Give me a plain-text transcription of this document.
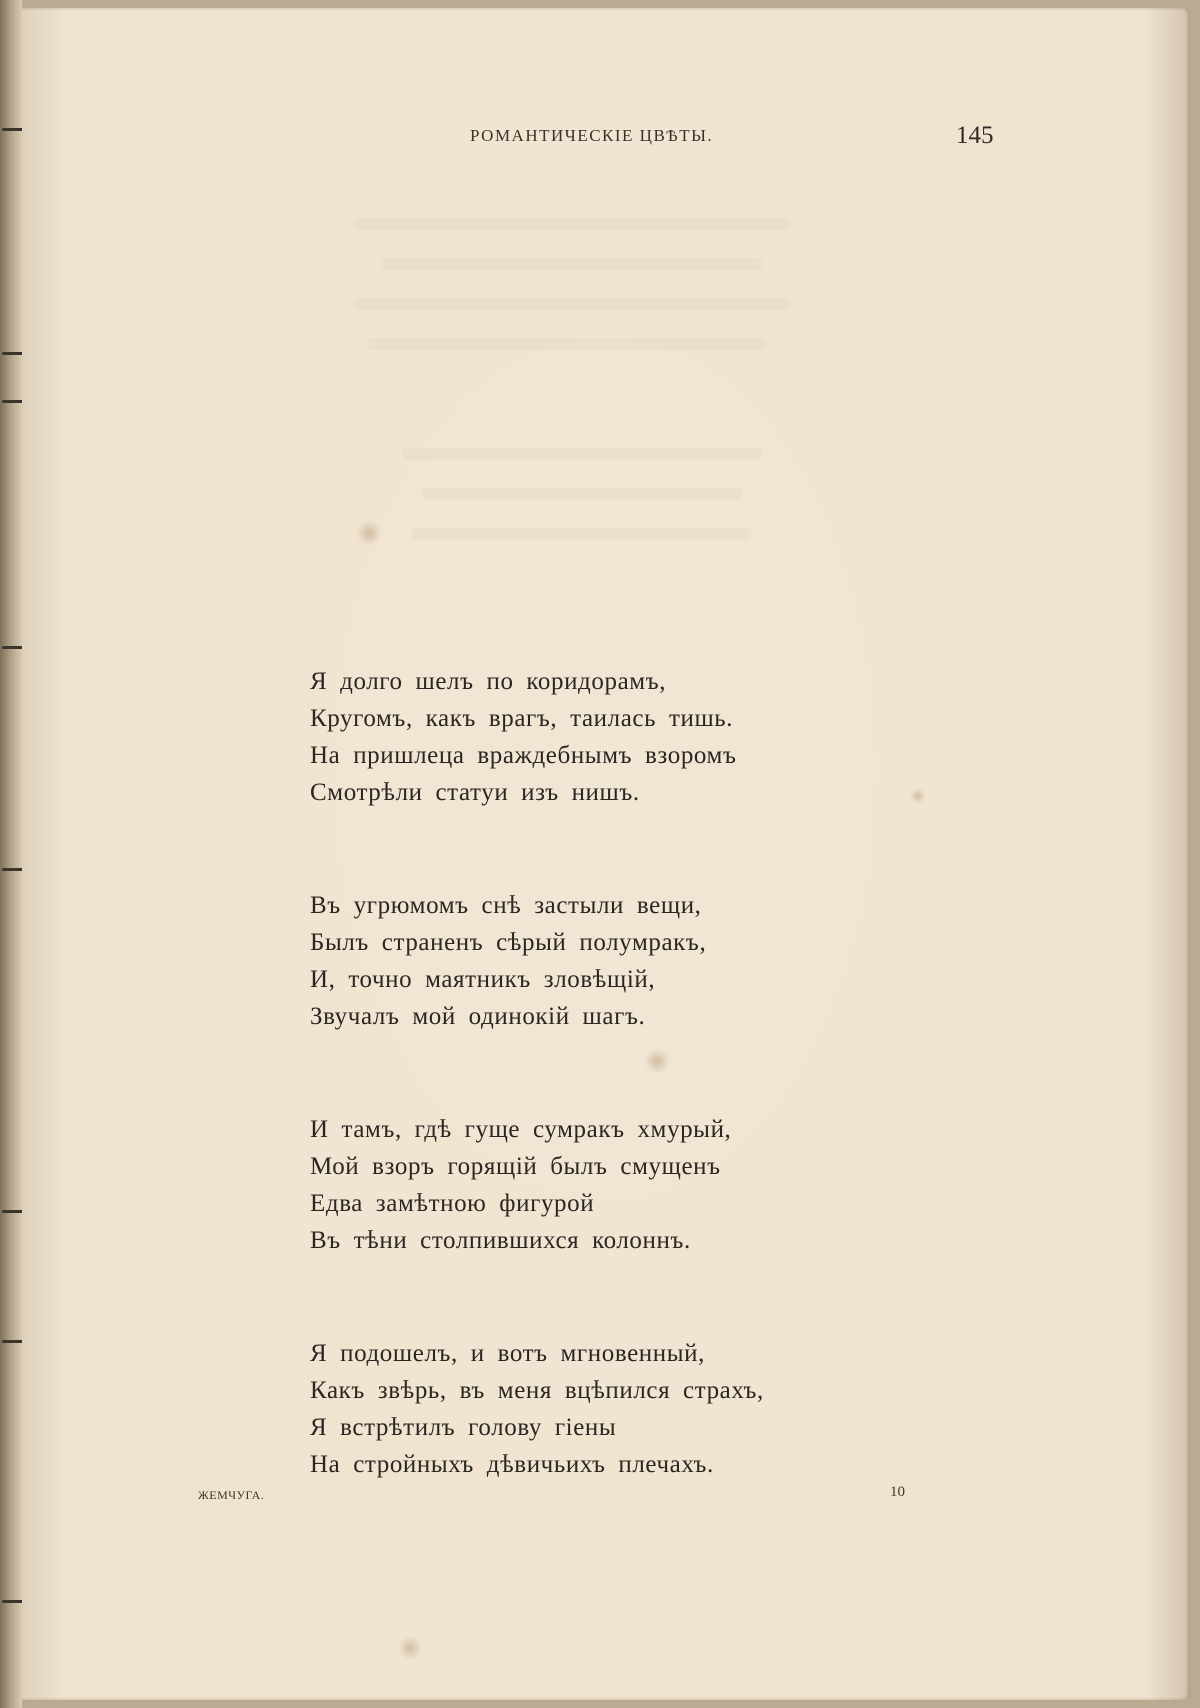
РОМАНТИЧЕСКІЕ ЦВѢТЫ.	145
Я долго шелъ по коридорамъ,
Кругомъ, какъ врагъ, таилась тишь.
На пришлеца враждебнымъ взоромъ
Смотрѣли статуи изъ нишъ.
Въ угрюмомъ снѣ застыли вещи,
Былъ страненъ сѣрый полумракъ,
И, точно маятникъ зловѣщій,
Звучалъ мой одинокій шагъ.
И тамъ, гдѣ гуще сумракъ хмурый,
Мой взоръ горящій былъ смущенъ
Едва замѣтною фигурой
Въ тѣни столпившихся колоннъ.
Я подошелъ, и вотъ мгновенный,
Какъ звѣрь, въ меня вцѣпился страхъ,
Я встрѣтилъ голову гіены
На стройныхъ дѣвичьихъ плечахъ.
ЖЕМЧУГА.	10
